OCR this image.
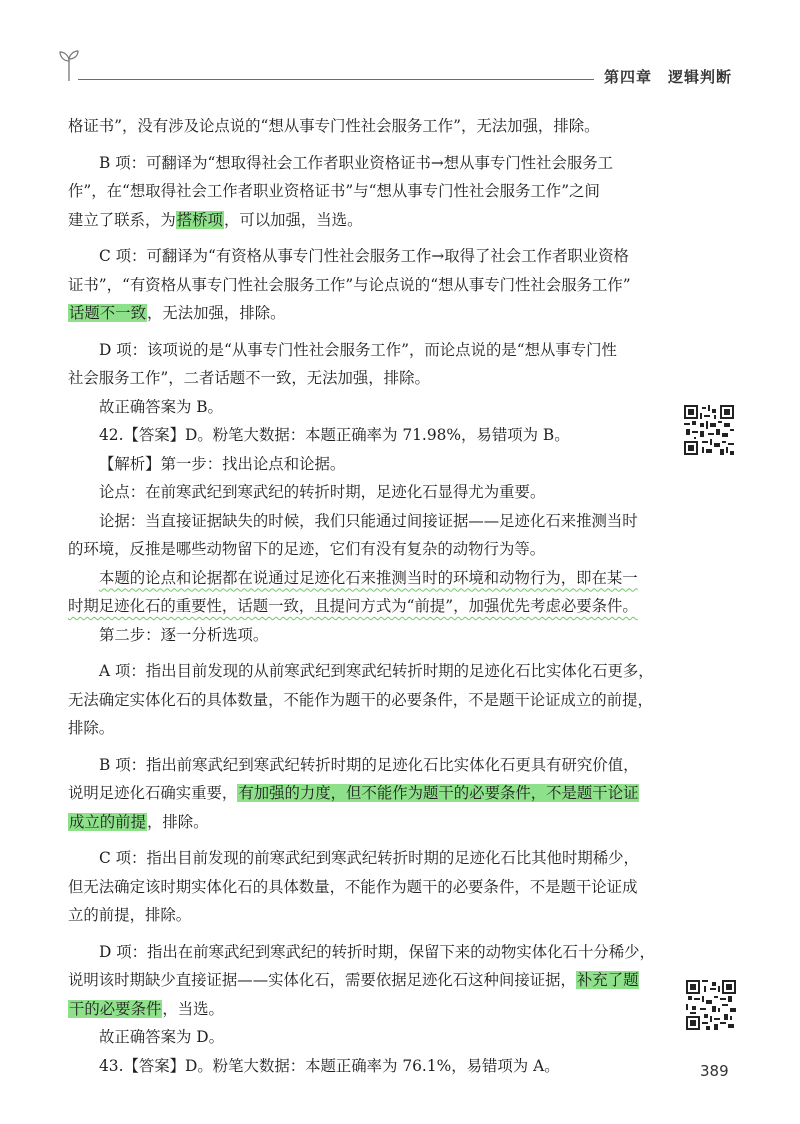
第四章 逻辑判断
格证书”，没有涉及论点说的“想从事专门性社会服务工作”，无法加强，排除。
B 项：可翻译为“想取得社会工作者职业资格证书→想从事专门性社会服务工
作”，在“想取得社会工作者职业资格证书”与“想从事专门性社会服务工作”之间
建立了联系，为搭桥项，可以加强，当选。
C 项：可翻译为“有资格从事专门性社会服务工作→取得了社会工作者职业资格
证书”，“有资格从事专门性社会服务工作”与论点说的“想从事专门性社会服务工作”
话题不一致，无法加强，排除。
D 项：该项说的是“从事专门性社会服务工作”，而论点说的是“想从事专门性
社会服务工作”，二者话题不一致，无法加强，排除。
故正确答案为 B。
42.【答案】D。粉笔大数据：本题正确率为 71.98%，易错项为 B。
【解析】第一步：找出论点和论据。
论点：在前寒武纪到寒武纪的转折时期，足迹化石显得尤为重要。
论据：当直接证据缺失的时候，我们只能通过间接证据——足迹化石来推测当时
的环境，反推是哪些动物留下的足迹，它们有没有复杂的动物行为等。
本题的论点和论据都在说通过足迹化石来推测当时的环境和动物行为，即在某一
时期足迹化石的重要性，话题一致，且提问方式为“前提”，加强优先考虑必要条件。
第二步：逐一分析选项。
A 项：指出目前发现的从前寒武纪到寒武纪转折时期的足迹化石比实体化石更多，
无法确定实体化石的具体数量，不能作为题干的必要条件，不是题干论证成立的前提，
排除。
B 项：指出前寒武纪到寒武纪转折时期的足迹化石比实体化石更具有研究价值，
说明足迹化石确实重要，有加强的力度，但不能作为题干的必要条件，不是题干论证
成立的前提，排除。
C 项：指出目前发现的前寒武纪到寒武纪转折时期的足迹化石比其他时期稀少，
但无法确定该时期实体化石的具体数量，不能作为题干的必要条件，不是题干论证成
立的前提，排除。
D 项：指出在前寒武纪到寒武纪的转折时期，保留下来的动物实体化石十分稀少，
说明该时期缺少直接证据——实体化石，需要依据足迹化石这种间接证据，补充了题
干的必要条件，当选。
故正确答案为 D。
43.【答案】D。粉笔大数据：本题正确率为 76.1%，易错项为 A。	389
